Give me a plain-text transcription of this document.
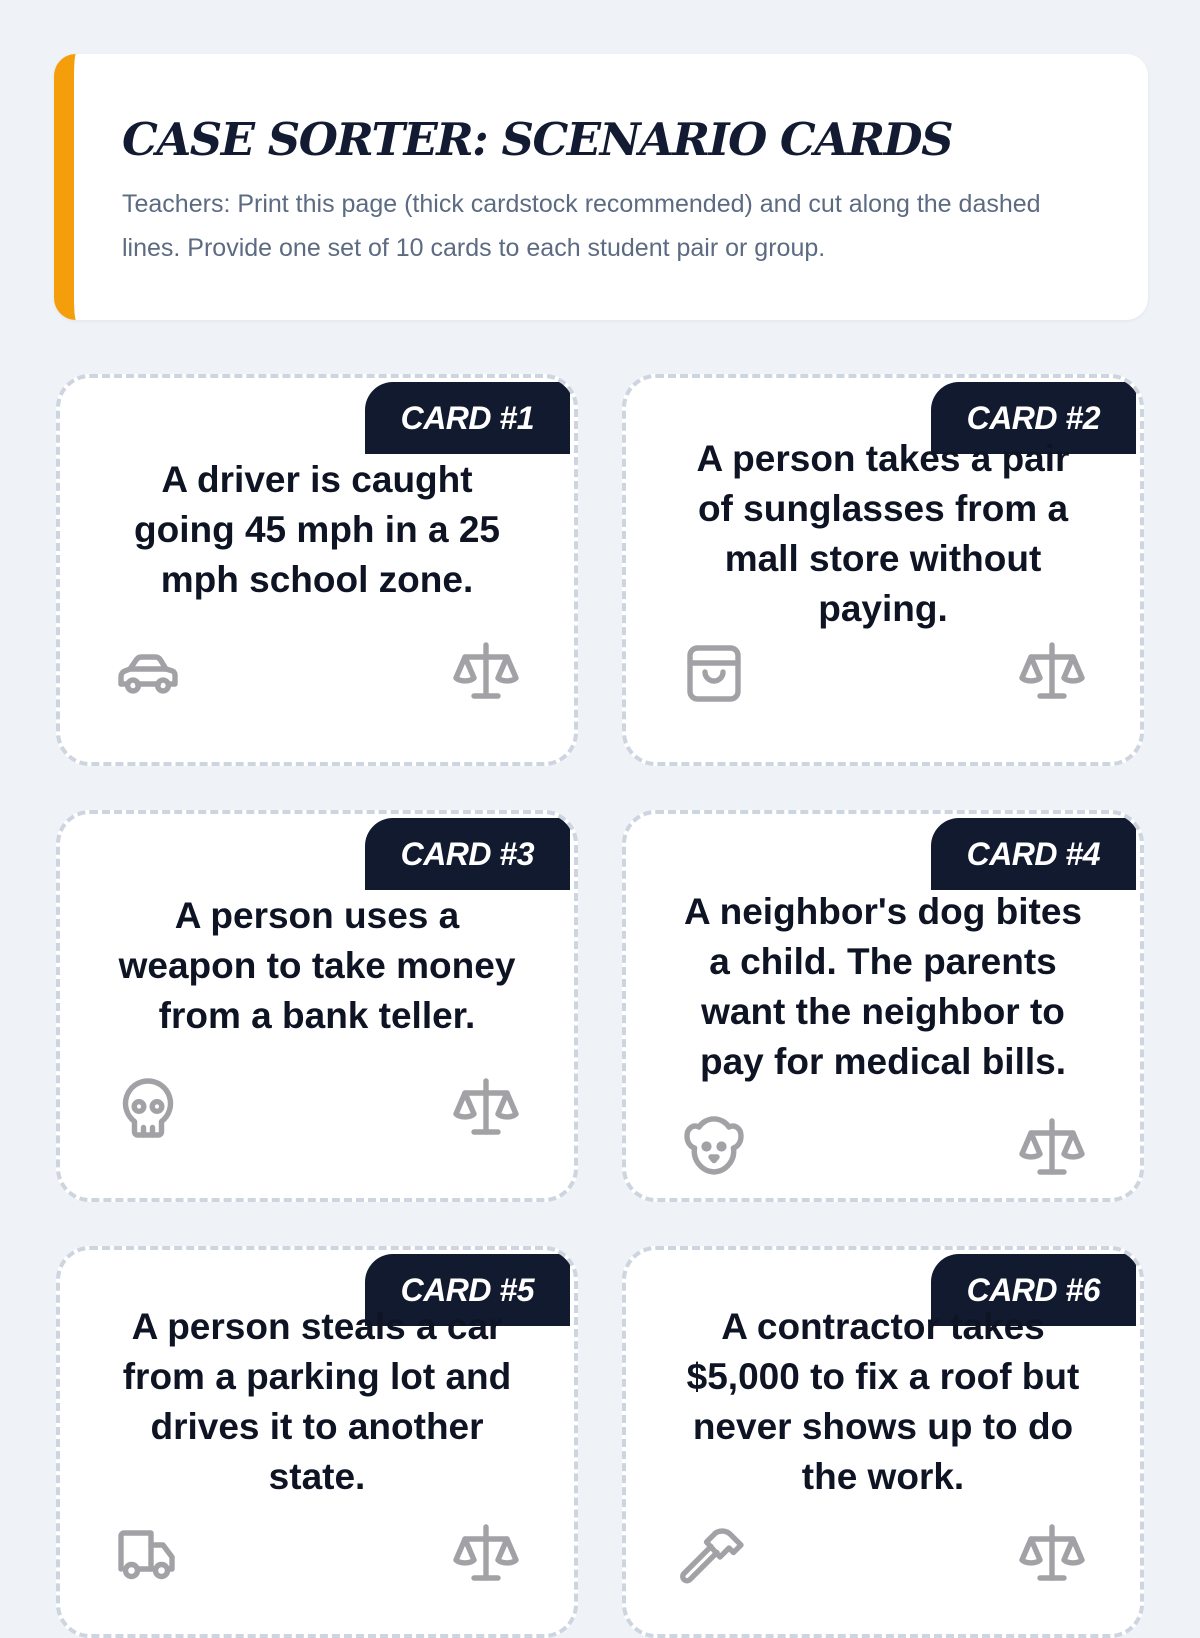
CASE SORTER: SCENARIO CARDS

Teachers: Print this page (thick cardstock recommended) and cut along the dashed lines. Provide one set of 10 cards to each student pair or group.

CARD #1
A driver is caught going 45 mph in a 25 mph school zone.
CARD #2
A person takes a pair of sunglasses from a mall store without paying.
CARD #3
A person uses a weapon to take money from a bank teller.
CARD #4
A neighbor's dog bites a child. The parents want the neighbor to pay for medical bills.
CARD #5
A person steals a car from a parking lot and drives it to another state.
CARD #6
A contractor takes $5,000 to fix a roof but never shows up to do the work.
